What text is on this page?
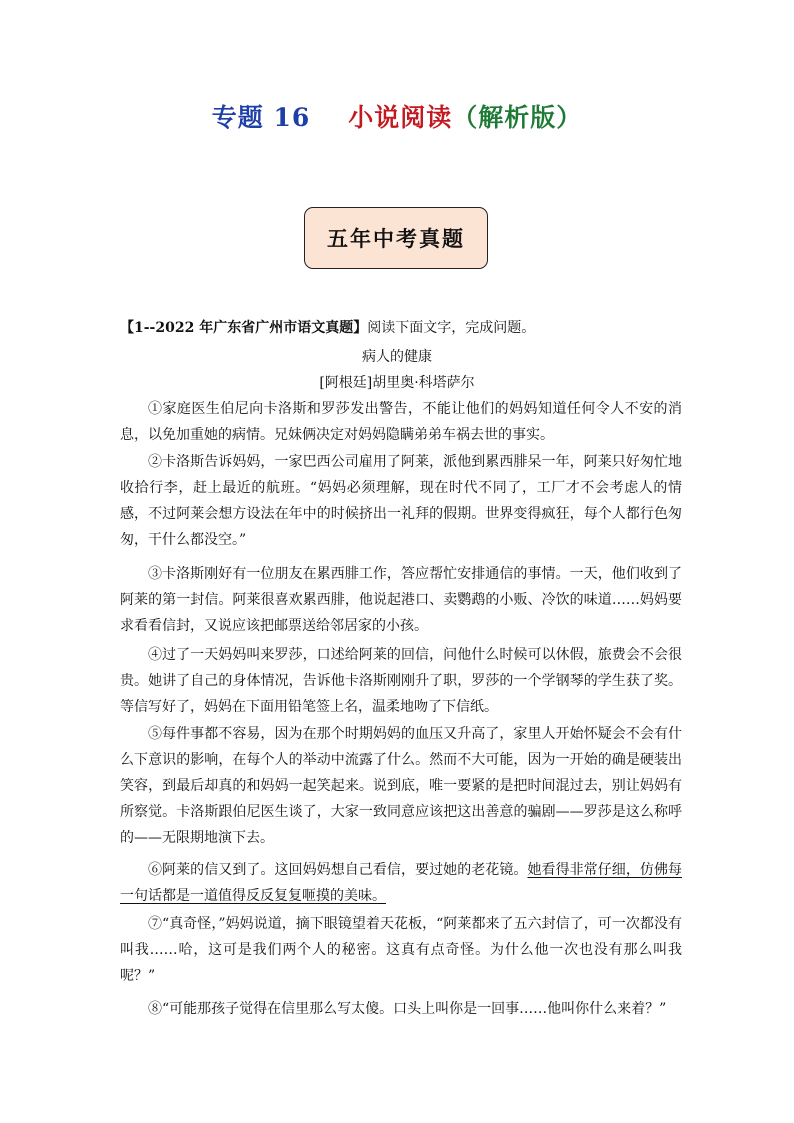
专题 16 小说阅读（解析版）
五年中考真题
【1--2022 年广东省广州市语文真题】阅读下面文字，完成问题。
病人的健康
[阿根廷]胡里奥·科塔萨尔

①家庭医生伯尼向卡洛斯和罗莎发出警告，不能让他们的妈妈知道任何令人不安的消息，以免加重她的病情。兄妹俩决定对妈妈隐瞒弟弟车祸去世的事实。

②卡洛斯告诉妈妈，一家巴西公司雇用了阿莱，派他到累西腓呆一年，阿莱只好匆忙地收拾行李，赶上最近的航班。“妈妈必须理解，现在时代不同了，工厂才不会考虑人的情感，不过阿莱会想方设法在年中的时候挤出一礼拜的假期。世界变得疯狂，每个人都行色匆匆，干什么都没空。”

③卡洛斯刚好有一位朋友在累西腓工作，答应帮忙安排通信的事情。一天，他们收到了阿莱的第一封信。阿莱很喜欢累西腓，他说起港口、卖鹦鹉的小贩、冷饮的味道……妈妈要求看看信封，又说应该把邮票送给邻居家的小孩。

④过了一天妈妈叫来罗莎，口述给阿莱的回信，问他什么时候可以休假，旅费会不会很贵。她讲了自己的身体情况，告诉他卡洛斯刚刚升了职，罗莎的一个学钢琴的学生获了奖。等信写好了，妈妈在下面用铅笔签上名，温柔地吻了下信纸。

⑤每件事都不容易，因为在那个时期妈妈的血压又升高了，家里人开始怀疑会不会有什么下意识的影响，在每个人的举动中流露了什么。然而不大可能，因为一开始的确是硬装出笑容，到最后却真的和妈妈一起笑起来。说到底，唯一要紧的是把时间混过去，别让妈妈有所察觉。卡洛斯跟伯尼医生谈了，大家一致同意应该把这出善意的骗剧——罗莎是这么称呼的——无限期地演下去。

⑥阿莱的信又到了。这回妈妈想自己看信，要过她的老花镜。她看得非常仔细，仿佛每一句话都是一道值得反反复复咂摸的美味。

⑦“真奇怪，”妈妈说道，摘下眼镜望着天花板，“阿莱都来了五六封信了，可一次都没有叫我……哈，这可是我们两个人的秘密。这真有点奇怪。为什么他一次也没有那么叫我呢？”

⑧“可能那孩子觉得在信里那么写太傻。口头上叫你是一回事……他叫你什么来着？”
